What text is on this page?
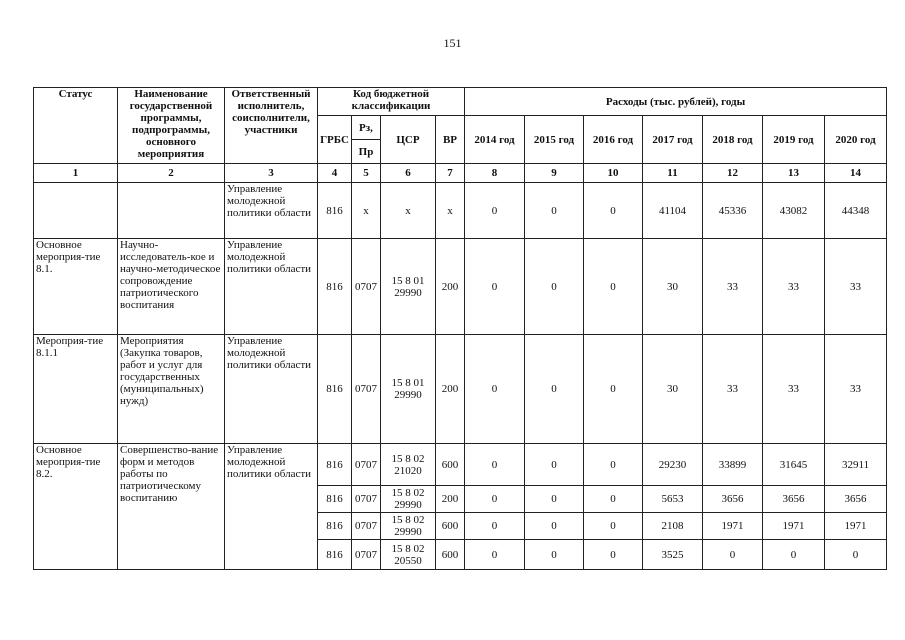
151
Статус	Наименование государственной программы, подпрограммы, основного мероприятия	Ответственный исполнитель, соисполнители, участники	Код бюджетной классификации				Расходы (тыс. рублей), годы						
			ГРБС	Рз,	ЦСР	ВР	2014 год	2015 год	2016 год	2017 год	2018 год	2019 год	2020 год
				Пр									
1	2	3	4	5	6	7	8	9	10	11	12	13	14
		Управление молодежной политики области	816	x	x	x	0	0	0	41104	45336	43082	44348
Основное мероприя-тие 8.1.	Научно-исследователь-кое и научно-методическое сопровождение патриотического воспитания	Управление молодежной политики области	816	0707	15 8 01 29990	200	0	0	0	30	33	33	33
Мероприя-тие 8.1.1	Мероприятия (Закупка товаров, работ и услуг для государственных (муниципальных) нужд)	Управление молодежной политики области	816	0707	15 8 01 29990	200	0	0	0	30	33	33	33
Основное мероприя-тие 8.2.	Совершенство-вание форм и методов работы по патриотическому воспитанию	Управление молодежной политики области	816	0707	15 8 02 21020	600	0	0	0	29230	33899	31645	32911
			816	0707	15 8 02 29990	200	0	0	0	5653	3656	3656	3656
			816	0707	15 8 02 29990	600	0	0	0	2108	1971	1971	1971
			816	0707	15 8 02 20550	600	0	0	0	3525	0	0	0
